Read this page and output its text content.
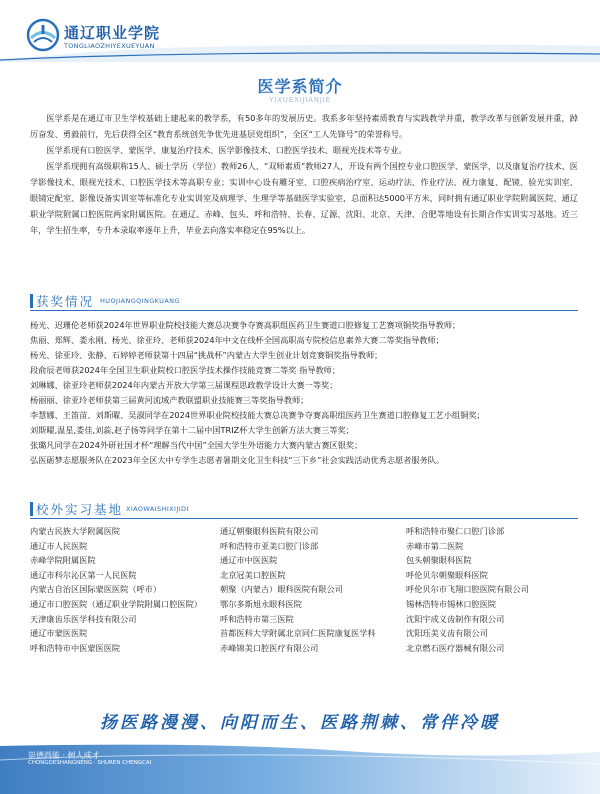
通辽职业学院
TONGLIAOZHIYEXUEYUAN
医学系简介
YIXUEXIJIANJIE

医学系是在通辽市卫生学校基础上建起来的教学系，有50多年的发展历史。我系多年坚持素质教育与实践教学并重，教学改革与创新发展并重，踔厉奋发、勇毅前行，先后获得全区“教育系统创先争优先进基层党组织”，全区“工人先锋号”的荣誉称号。

医学系现有口腔医学、蒙医学、康复治疗技术、医学影像技术、口腔医学技术、眼视光技术等专业。

医学系现拥有高级职称15人、硕士学历（学位）教师26人、“双师素质”教师27人，开设有两个国控专业口腔医学、蒙医学，以及康复治疗技术、医学影像技术、眼视光技术、口腔医学技术等高职专业；实训中心设有雕牙室、口腔疾病治疗室、运动疗法、作业疗法、视力康复、配镜、验光实训室、眼镜定配室、影像设备实训室等标准化专业实训室及病理学、生理学等基础医学实验室，总面积达5000平方米，同时拥有通辽职业学院附属医院、通辽职业学院附属口腔医院两家附属医院。在通辽、赤峰、包头、呼和浩特、长春、辽源、沈阳、北京、天津、合肥等地设有长期合作实训实习基地。近三年，学生招生率，专升本录取率逐年上升，毕业去向落实率稳定在95%以上。

获奖情况 HUOJIANGQINGKUANG
杨光、迟珊伦老师获2024年世界职业院校技能大赛总决赛争夺赛高职组医药卫生赛道口腔修复工艺赛项铜奖指导教师；
焦丽、郑辉、娄永刚、杨光、徐亚玲、老师获2024年中文在线杯全国高职高专院校信息素养大赛二等奖指导教师；
杨光、徐亚玲、张静、石婷婷老师获第十四届“挑战杯”内蒙古大学生创业计划竞赛铜奖指导教师；
段俞辰老师获2024年全国卫生职业院校口腔医学技术操作技能竞赛二等奖 指导教师；
刘琳娜、徐亚玲老师获2024年内蒙古开放大学第三届课程思政教学设计大赛一等奖；
杨丽丽、徐亚玲老师获第三届黄河流域产教联盟职业技能赛三等奖指导教师；
李慧娜、王笛苗、刘斯曜、吴淑同学在2024世界职业院校技能大赛总决赛争夺赛高职组医药卫生赛道口腔修复工艺小组铜奖；
刘斯曜,温星,娄佳,刘蕊,赵子扬等同学在第十二届中国TRIZ杯大学生创新方法大赛三等奖；
张璐凡同学在2024外研社国才杯“理解当代中国”全国大学生外语能力大赛内蒙古赛区银奖；
弘医砺梦志愿服务队在2023年全区大中专学生志愿者暑期文化卫生科技“三下乡”社会实践活动优秀志愿者服务队。
校外实习基地 XIAOWAISHIXIJIDI
内蒙古民族大学附属医院
通辽市人民医院
赤峰学院附属医院
通辽市科尔沁区第一人民医院
内蒙古自治区国际蒙医医院（呼市）
通辽市口腔医院（通辽职业学院附属口腔医院）
天津康齿乐医学科技有限公司
通辽市蒙医医院
呼和浩特市中医蒙医医院
通辽朝聚眼科医院有限公司
呼和浩特市亚美口腔门诊部
通辽市中医医院
北京冠美口腔医院
朝聚（内蒙古）眼科医院有限公司
鄂尔多斯旭永眼科医院
呼和浩特市第三医院
首都医科大学附属北京同仁医院康复医学科
赤峰锦美口腔医疗有限公司
呼和浩特市聚仁口腔门诊部
赤峰市第二医院
包头朝聚眼科医院
呼伦贝尔朝聚眼科医院
呼伦贝尔市飞翔口腔医院有限公司
锡林浩特市锡林口腔医院
沈阳宇成义齿制作有限公司
沈阳珏美义齿有限公司
北京燃石医疗器械有限公司
扬医路漫漫、向阳而生、医路荆棘、常伴冷暖
崇德尚能 · 树人成才
CHONGDESHANGNENG · SHUREN CHENGCAI
